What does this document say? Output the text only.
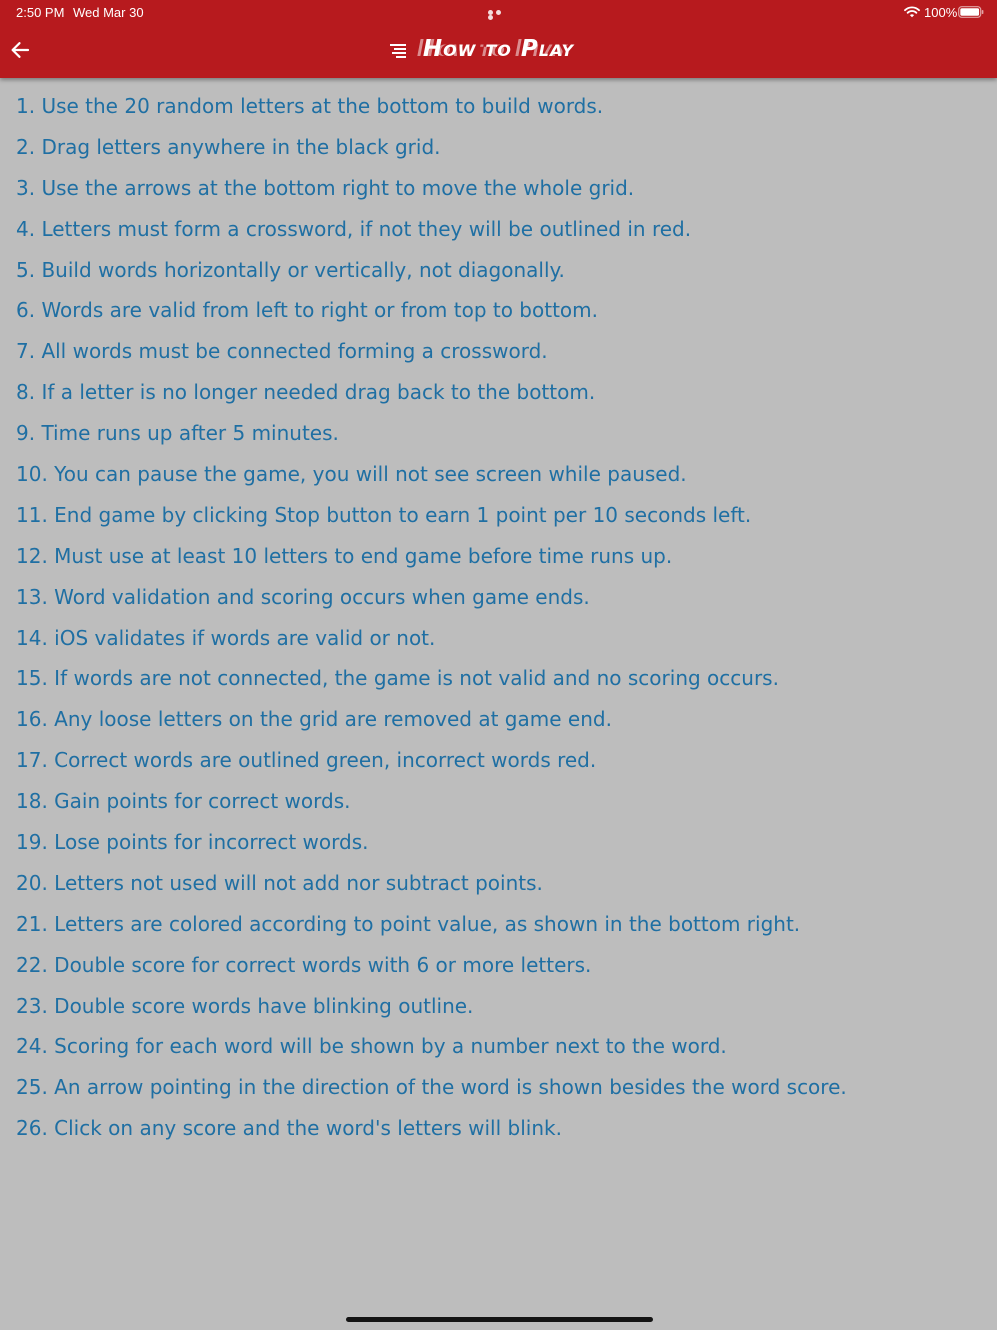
2:50 PM Wed Mar 30	100%
How to Play
1. Use the 20 random letters at the bottom to build words.
2. Drag letters anywhere in the black grid.
3. Use the arrows at the bottom right to move the whole grid.
4. Letters must form a crossword, if not they will be outlined in red.
5. Build words horizontally or vertically, not diagonally.
6. Words are valid from left to right or from top to bottom.
7. All words must be connected forming a crossword.
8. If a letter is no longer needed drag back to the bottom.
9. Time runs up after 5 minutes.
10. You can pause the game, you will not see screen while paused.
11. End game by clicking Stop button to earn 1 point per 10 seconds left.
12. Must use at least 10 letters to end game before time runs up.
13. Word validation and scoring occurs when game ends.
14. iOS validates if words are valid or not.
15. If words are not connected, the game is not valid and no scoring occurs.
16. Any loose letters on the grid are removed at game end.
17. Correct words are outlined green, incorrect words red.
18. Gain points for correct words.
19. Lose points for incorrect words.
20. Letters not used will not add nor subtract points.
21. Letters are colored according to point value, as shown in the bottom right.
22. Double score for correct words with 6 or more letters.
23. Double score words have blinking outline.
24. Scoring for each word will be shown by a number next to the word.
25. An arrow pointing in the direction of the word is shown besides the word score.
26. Click on any score and the word's letters will blink.
